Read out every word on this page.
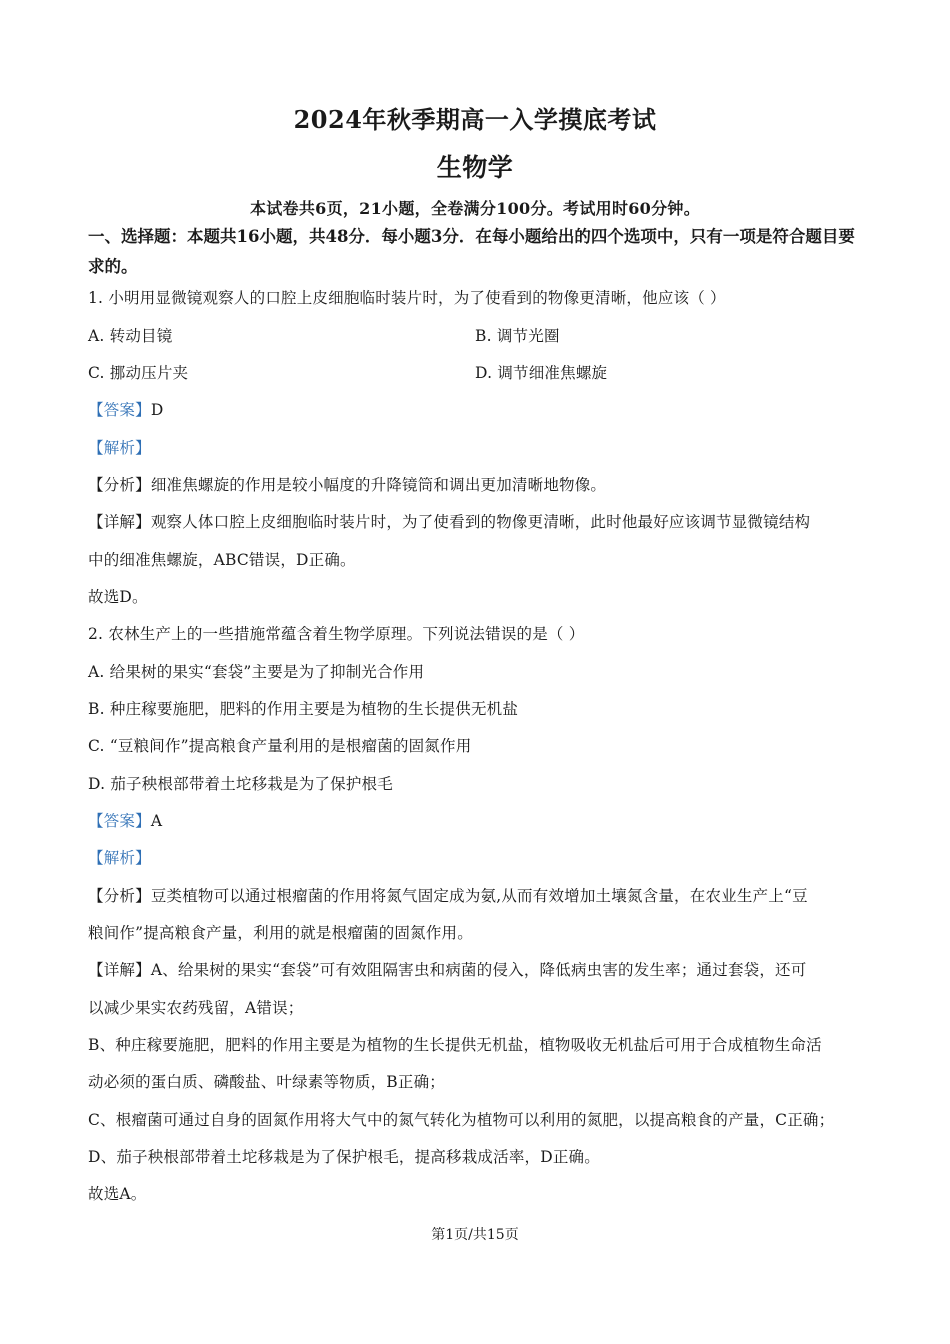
2024年秋季期高一入学摸底考试
生物学
本试卷共6页，21小题，全卷满分100分。考试用时60分钟。
一、选择题：本题共16小题，共48分．每小题3分．在每小题给出的四个选项中，只有一项是符合题目要求的。
1. 小明用显微镜观察人的口腔上皮细胞临时装片时，为了使看到的物像更清晰，他应该（ ）
A. 转动目镜	B. 调节光圈
C. 挪动压片夹	D. 调节细准焦螺旋
【答案】D
【解析】
【分析】细准焦螺旋的作用是较小幅度的升降镜筒和调出更加清晰地物像。
【详解】观察人体口腔上皮细胞临时装片时，为了使看到的物像更清晰，此时他最好应该调节显微镜结构
中的细准焦螺旋，ABC错误，D正确。
故选D。
2. 农林生产上的一些措施常蕴含着生物学原理。下列说法错误的是（ ）
A. 给果树的果实“套袋”主要是为了抑制光合作用
B. 种庄稼要施肥，肥料的作用主要是为植物的生长提供无机盐
C. “豆粮间作”提高粮食产量利用的是根瘤菌的固氮作用
D. 茄子秧根部带着土坨移栽是为了保护根毛
【答案】A
【解析】
【分析】豆类植物可以通过根瘤菌的作用将氮气固定成为氨,从而有效增加土壤氮含量，在农业生产上“豆
粮间作”提高粮食产量，利用的就是根瘤菌的固氮作用。
【详解】A、给果树的果实“套袋”可有效阻隔害虫和病菌的侵入，降低病虫害的发生率；通过套袋，还可
以减少果实农药残留，A错误；
B、种庄稼要施肥，肥料的作用主要是为植物的生长提供无机盐，植物吸收无机盐后可用于合成植物生命活
动必须的蛋白质、磷酸盐、叶绿素等物质，B正确；
C、根瘤菌可通过自身的固氮作用将大气中的氮气转化为植物可以利用的氮肥，以提高粮食的产量，C正确；
D、茄子秧根部带着土坨移栽是为了保护根毛，提高移栽成活率，D正确。
故选A。
第1页/共15页
